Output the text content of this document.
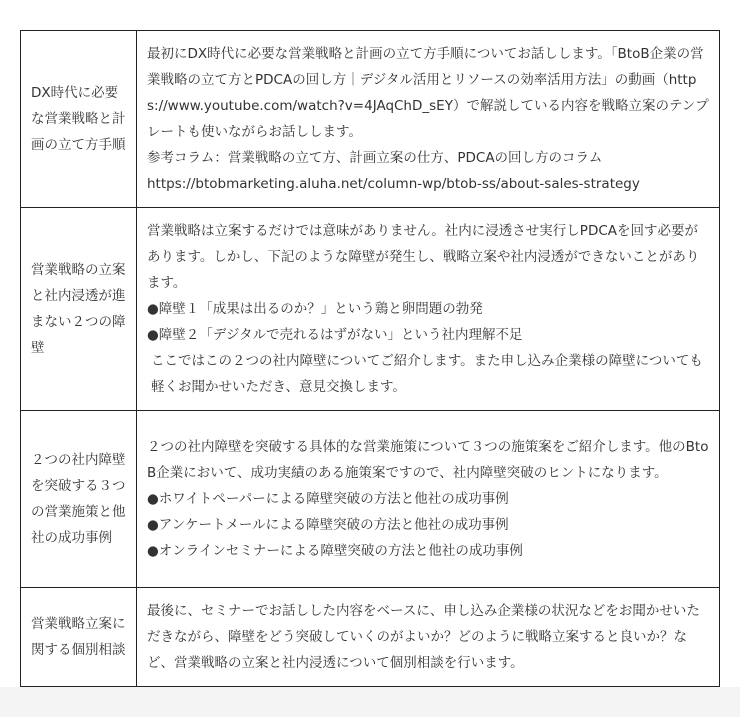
DX時代に必要な営業戦略と計画の立て方手順	最初にDX時代に必要な営業戦略と計画の立て方手順についてお話しします。「BtoB企業の営業戦略の立て方とPDCAの回し方｜デジタル活用とリソースの効率活用方法」の動画（https://www.youtube.com/watch?v=4JAqChD_sEY）で解説している内容を戦略立案のテンプレートも使いながらお話しします。
参考コラム：営業戦略の立て方、計画立案の仕方、PDCAの回し方のコラム
https://btobmarketing.aluha.net/column-wp/btob-ss/about-sales-strategy

営業戦略の立案と社内浸透が進まない２つの障壁	営業戦略は立案するだけでは意味がありません。社内に浸透させ実行しPDCAを回す必要があります。しかし、下記のような障壁が発生し、戦略立案や社内浸透ができないことがあります。
●障壁１「成果は出るのか？」という鶏と卵問題の勃発
●障壁２「デジタルで売れるはずがない」という社内理解不足
ここではこの２つの社内障壁についてご紹介します。また申し込み企業様の障壁についても軽くお聞かせいただき、意見交換します。

２つの社内障壁を突破する３つの営業施策と他社の成功事例	２つの社内障壁を突破する具体的な営業施策について３つの施策案をご紹介します。他のBtoB企業において、成功実績のある施策案ですので、社内障壁突破のヒントになります。
●ホワイトペーパーによる障壁突破の方法と他社の成功事例
●アンケートメールによる障壁突破の方法と他社の成功事例
●オンラインセミナーによる障壁突破の方法と他社の成功事例

営業戦略立案に関する個別相談	最後に、セミナーでお話しした内容をベースに、申し込み企業様の状況などをお聞かせいただきながら、障壁をどう突破していくのがよいか？どのように戦略立案すると良いか？など、営業戦略の立案と社内浸透について個別相談を行います。
